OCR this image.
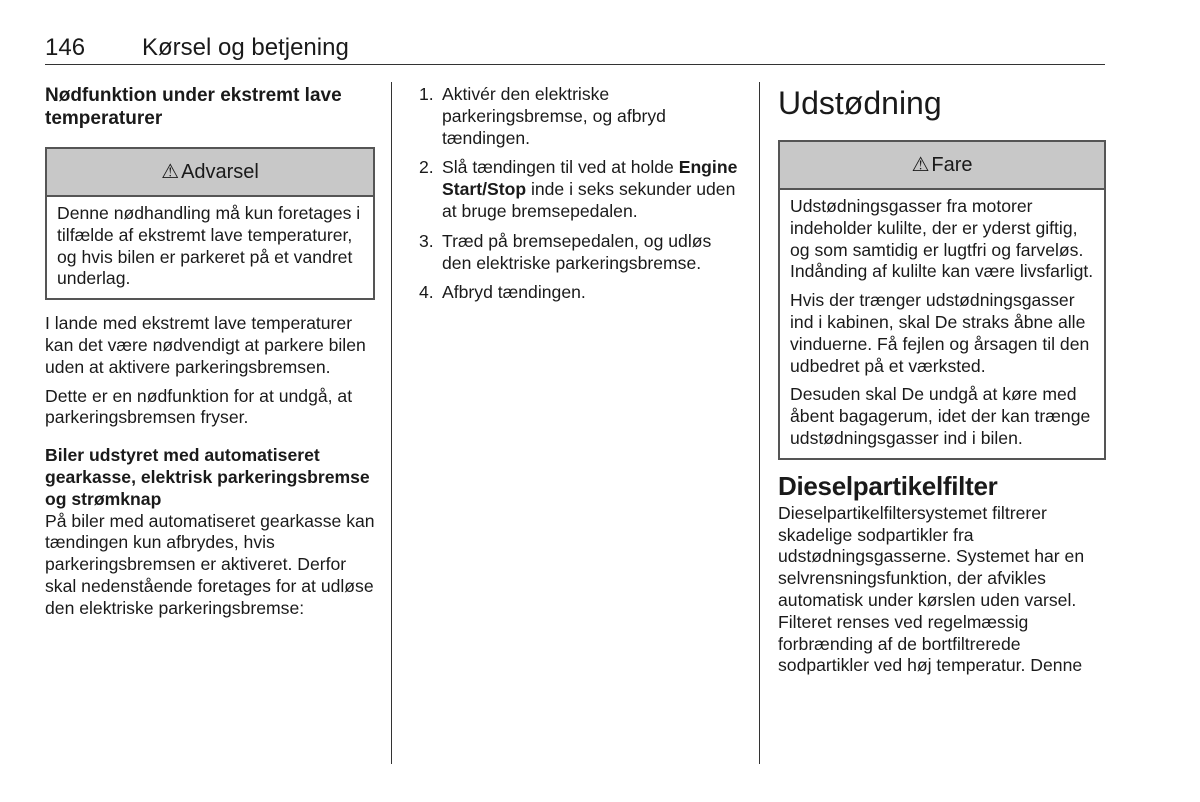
146 Kørsel og betjening

Nødfunktion under ekstremt lave temperaturer

⚠ Advarsel

Denne nødhandling må kun foretages i tilfælde af ekstremt lave temperaturer, og hvis bilen er parkeret på et vandret underlag.

I lande med ekstremt lave temperaturer kan det være nødvendigt at parkere bilen uden at aktivere parkeringsbremsen.

Dette er en nødfunktion for at undgå, at parkeringsbremsen fryser.

Biler udstyret med automatiseret gearkasse, elektrisk parkeringsbremse og strømknap

På biler med automatiseret gearkasse kan tændingen kun afbrydes, hvis parkeringsbremsen er aktiveret. Derfor skal nedenstående foretages for at udløse den elektriske parkeringsbremse:

1. Aktivér den elektriske parkeringsbremse, og afbryd tændingen.
2. Slå tændingen til ved at holde Engine Start/Stop inde i seks sekunder uden at bruge bremsepedalen.
3. Træd på bremsepedalen, og udløs den elektriske parkeringsbremse.
4. Afbryd tændingen.
Udstødning
⚠ Fare

Udstødningsgasser fra motorer indeholder kulilte, der er yderst giftig, og som samtidig er lugtfri og farveløs. Indånding af kulilte kan være livsfarligt.

Hvis der trænger udstødningsgasser ind i kabinen, skal De straks åbne alle vinduerne. Få fejlen og årsagen til den udbedret på et værksted.

Desuden skal De undgå at køre med åbent bagagerum, idet der kan trænge udstødningsgasser ind i bilen.

Dieselpartikelfilter

Dieselpartikelfiltersystemet filtrerer skadelige sodpartikler fra udstødningsgasserne. Systemet har en selvrensningsfunktion, der afvikles automatisk under kørslen uden varsel. Filteret renses ved regelmæssig forbrænding af de bortfiltrerede sodpartikler ved høj temperatur. Denne
